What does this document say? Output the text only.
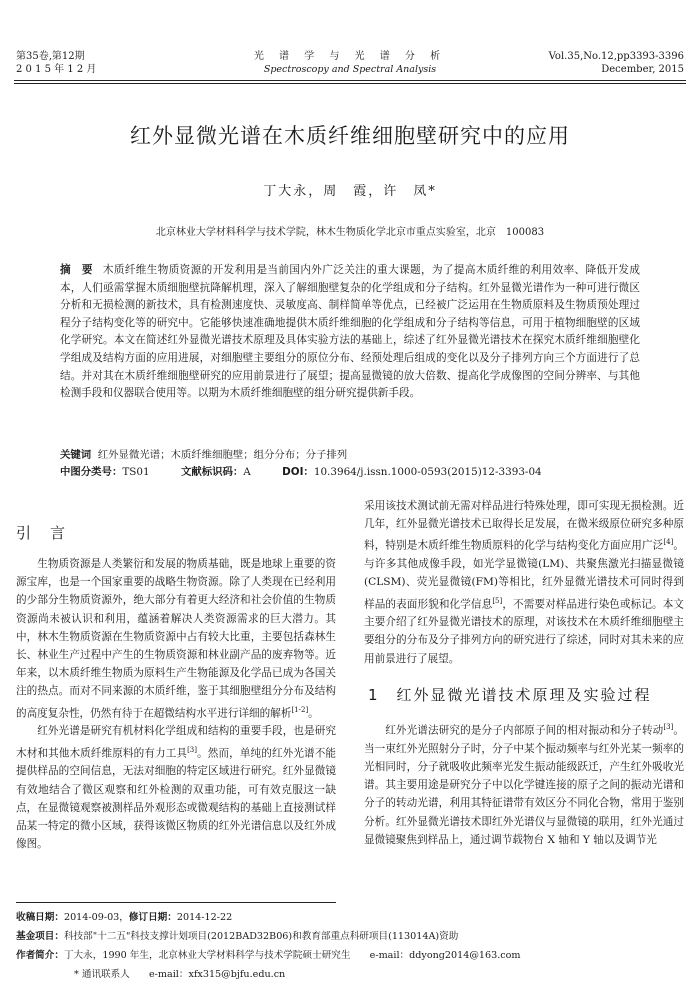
第35卷,第12期
2 0 1 5 年 1 2 月
光 谱 学 与 光 谱 分 析
Spectroscopy and Spectral Analysis
Vol.35,No.12,pp3393-3396
December, 2015
红外显微光谱在木质纤维细胞壁研究中的应用
丁大永，周　霞，许　凤*
北京林业大学材料科学与技术学院，林木生物质化学北京市重点实验室，北京　100083
摘　要 木质纤维生物质资源的开发利用是当前国内外广泛关注的重大课题，为了提高木质纤维的利用效率、降低开发成本，人们亟需掌握木质细胞壁抗降解机理，深入了解细胞壁复杂的化学组成和分子结构。红外显微光谱作为一种可进行微区分析和无损检测的新技术，具有检测速度快、灵敏度高、制样简单等优点，已经被广泛运用在生物质原料及生物质预处理过程分子结构变化等的研究中。它能够快速准确地提供木质纤维细胞的化学组成和分子结构等信息，可用于植物细胞壁的区域化学研究。本文在简述红外显微光谱技术原理及具体实验方法的基础上，综述了红外显微光谱技术在探究木质纤维细胞壁化学组成及结构方面的应用进展，对细胞壁主要组分的原位分布、经预处理后组成的变化以及分子排列方向三个方面进行了总结。并对其在木质纤维细胞壁研究的应用前景进行了展望；提高显微镜的放大倍数、提高化学成像图的空间分辨率、与其他检测手段和仪器联合使用等。以期为木质纤维细胞壁的组分研究提供新手段。
关键词 红外显微光谱；木质纤维细胞壁；组分分布；分子排列
中图分类号：TS01	文献标识码：A	DOI：10.3964/j.issn.1000-0593(2015)12-3393-04
引　言

生物质资源是人类繁衍和发展的物质基础，既是地球上重要的资源宝库，也是一个国家重要的战略生物资源。除了人类现在已经利用的少部分生物质资源外，绝大部分有着更大经济和社会价值的生物质资源尚未被认识和利用，蕴涵着解决人类资源需求的巨大潜力。其中，林木生物质资源在生物质资源中占有较大比重，主要包括森林生长、林业生产过程中产生的生物质资源和林业副产品的废弃物等。近年来，以木质纤维生物质为原料生产生物能源及化学品已成为各国关注的热点。而对不同来源的木质纤维，鉴于其细胞壁组分分布及结构的高度复杂性，仍然有待于在超微结构水平进行详细的解析[1-2]。

红外光谱是研究有机材料化学组成和结构的重要手段，也是研究木材和其他木质纤维原料的有力工具[3]。然而，单纯的红外光谱不能提供样品的空间信息，无法对细胞的特定区域进行研究。红外显微镜有效地结合了微区观察和红外检测的双重功能，可有效克服这一缺点，在显微镜观察被测样品外观形态或微观结构的基础上直接测试样品某一特定的微小区域，获得该微区物质的红外光谱信息以及红外成像图。

采用该技术测试前无需对样品进行特殊处理，即可实现无损检测。近几年，红外显微光谱技术已取得长足发展，在微米级原位研究多种原料，特别是木质纤维生物质原料的化学与结构变化方面应用广泛[4]。与许多其他成像手段，如光学显微镜(LM)、共聚焦激光扫描显微镜(CLSM)、荧光显微镜(FM)等相比，红外显微光谱技术可同时得到样品的表面形貌和化学信息[5]，不需要对样品进行染色或标记。本文主要介绍了红外显微光谱技术的原理，对该技术在木质纤维细胞壁主要组分的分布及分子排列方向的研究进行了综述，同时对其未来的应用前景进行了展望。

1　红外显微光谱技术原理及实验过程

红外光谱法研究的是分子内部原子间的相对振动和分子转动[3]。当一束红外光照射分子时，分子中某个振动频率与红外光某一频率的光相同时，分子就吸收此频率光发生振动能级跃迁，产生红外吸收光谱。其主要用途是研究分子中以化学键连接的原子之间的振动光谱和分子的转动光谱，利用其特征谱带有效区分不同化合物，常用于鉴别分析。红外显微光谱技术即红外光谱仪与显微镜的联用，红外光通过显微镜聚焦到样品上，通过调节载物台 X 轴和 Y 轴以及调节光

收稿日期：2014-09-03，修订日期：2014-12-22
基金项目：科技部"十二五"科技支撑计划项目(2012BAD32B06)和教育部重点科研项目(113014A)资助
作者简介：丁大永，1990 年生，北京林业大学材料科学与技术学院硕士研究生　　e-mail：ddyong2014@163.com
* 通讯联系人　　e-mail：xfx315@bjfu.edu.cn
